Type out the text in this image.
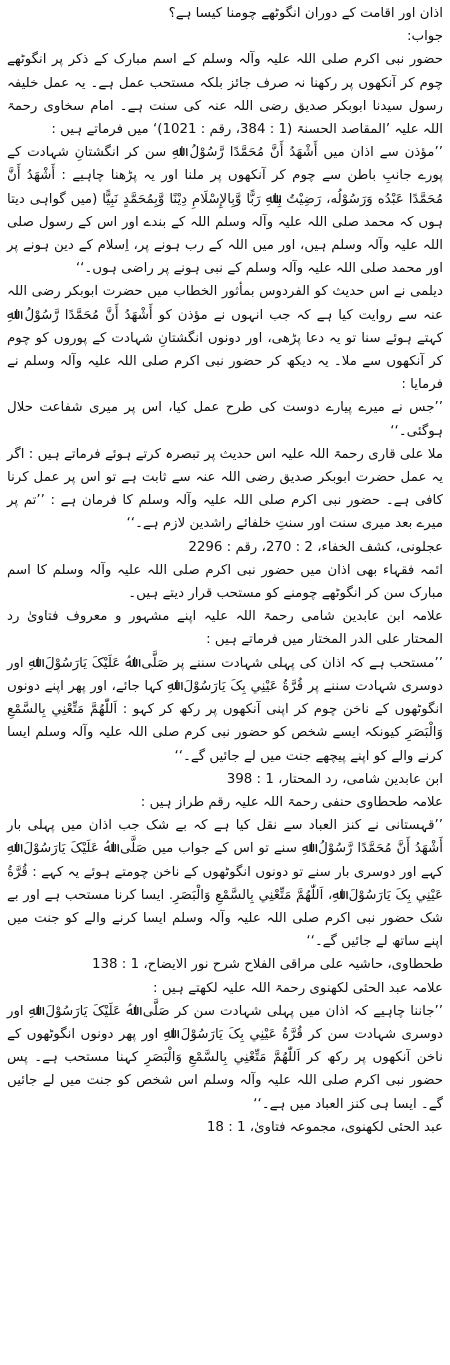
اذان اور اقامت کے دوران انگوٹھے چومنا کیسا ہے؟

جواب:

حضور نبی اکرم صلی اللہ علیہ وآلہ وسلم کے اسم مبارک کے ذکر پر انگوٹھے چوم کر آنکھوں پر رکھنا نہ صرف جائز بلکہ مستحب عمل ہے۔ یہ عمل خلیفہ رسول سیدنا ابوبکر صدیق رضی اللہ عنہ کی سنت ہے۔ امام سخاوی رحمۃ اللہ علیہ ’المقاصد الحسنۃ (1 : 384، رقم : 1021)‘ میں فرماتے ہیں :

’’مؤذن سے اذان میں أَشْهَدُ أَنَّ مُحَمَّدًا رَّسُوْلُ اﷲِ سن کر انگشتانِ شہادت کے پورے جانبِ باطن سے چوم کر آنکھوں پر ملنا اور یہ پڑھنا چاہیے : أَشْهَدُ أَنَّ مُحَمَّدًا عَبْدُه وَرَسُوْلُه، رَضِيْتُ بِاﷲِ رَبًّا وَّبِالإِسْلَامِ دِيْنًا وَّبِمُحَمَّدٍ نَبِيًّا (میں گواہی دیتا ہوں کہ محمد صلی اللہ علیہ وآلہ وسلم اللہ کے بندے اور اس کے رسول صلی اللہ علیہ وآلہ وسلم ہیں، اور میں اللہ کے رب ہونے پر، اِسلام کے دین ہونے پر اور محمد صلی اللہ علیہ وآلہ وسلم کے نبی ہونے پر راضی ہوں۔‘‘

دیلمی نے اس حدیث کو الفردوس بمأثور الخطاب میں حضرت ابوبکر رضی اللہ عنہ سے روایت کیا ہے کہ جب انہوں نے مؤذن کو أَشْهَدُ أَنَّ مُحَمَّدًا رَّسُوْلُ اﷲِ کہتے ہوئے سنا تو یہ دعا پڑھی، اور دونوں انگشتانِ شہادت کے پوروں کو چوم کر آنکھوں سے ملا۔ یہ دیکھ کر حضور نبی اکرم صلی اللہ علیہ وآلہ وسلم نے فرمایا :

’’جس نے میرے پیارے دوست کی طرح عمل کیا، اس پر میری شفاعت حلال ہوگئی۔‘‘

ملا علی قاری رحمۃ اللہ علیہ اس حدیث پر تبصرہ کرتے ہوئے فرماتے ہیں : اگر یہ عمل حضرت ابوبکر صدیق رضی اللہ عنہ سے ثابت ہے تو اس پر عمل کرنا کافی ہے۔ حضور نبی اکرم صلی اللہ علیہ وآلہ وسلم کا فرمان ہے : ’’تم پر میرے بعد میری سنت اور سنتِ خلفائے راشدین لازم ہے۔‘‘

عجلونی، کشف الخفاء، 2 : 270، رقم : 2296

ائمہ فقہاء بھی اذان میں حضور نبی اکرم صلی اللہ علیہ وآلہ وسلم کا اسم مبارک سن کر انگوٹھے چومنے کو مستحب قرار دیتے ہیں۔

علامہ ابن عابدین شامی رحمۃ اللہ علیہ اپنے مشہور و معروف فتاویٰ رد المحتار علی الدر المختار میں فرماتے ہیں :

’’مستحب ہے کہ اذان کی پہلی شہادت سننے پر صَلَّی اﷲُ عَلَيْکَ يَارَسُوْلَ اﷲِ اور دوسری شہادت سننے پر قُرَّةُ عَيْنِي بِکَ يَارَسُوْلَ اﷲِ کہا جائے، اور پھر اپنے دونوں انگوٹھوں کے ناخن چوم کر اپنی آنکھوں پر رکھ کر کہو : اَللّٰهُمَّ مَتِّعْنِي بِالسَّمْعِ وَالْبَصَرِ کیونکہ ایسے شخص کو حضور نبی کرم صلی اللہ علیہ وآلہ وسلم ایسا کرنے والے کو اپنے پیچھے جنت میں لے جائیں گے۔‘‘

ابن عابدین شامی، رد المحتار، 1 : 398

علامہ طحطاوی حنفی رحمۃ اللہ علیہ رقم طراز ہیں :

’’قہستانی نے کنز العباد سے نقل کیا ہے کہ بے شک جب اذان میں پہلی بار أَشْهَدُ أَنَّ مُحَمَّدًا رَّسُوْلُ اﷲِ سنے تو اس کے جواب میں صَلَّی اﷲُ عَلَيْکَ يَارَسُوْلَ اﷲِ کہے اور دوسری بار سنے تو دونوں انگوٹھوں کے ناخن چومتے ہوئے یہ کہے : قُرَّةُ عَيْنِي بِکَ يَارَسُوْلَ اﷲِ، اَللّٰهُمَّ مَتِّعْنِي بِالسَّمْعِ وَالْبَصَرِ. ایسا کرنا مستحب ہے اور بے شک حضور نبی اکرم صلی اللہ علیہ وآلہ وسلم ایسا کرنے والے کو جنت میں اپنے ساتھ لے جائیں گے۔‘‘

طحطاوی، حاشیہ علی مراقی الفلاح شرح نور الایضاح، 1 : 138

علامہ عبد الحئی لکھنوی رحمۃ اللہ علیہ لکھتے ہیں :

’’جاننا چاہیے کہ اذان میں پہلی شہادت سن کر صَلَّی اﷲُ عَلَيْکَ يَارَسُوْلَ اﷲِ اور دوسری شہادت سن کر قُرَّةُ عَيْنِي بِکَ يَارَسُوْلَ اﷲِ اور پھر دونوں انگوٹھوں کے ناخن آنکھوں پر رکھ کر اَللّٰهُمَّ مَتِّعْنِي بِالسَّمْعِ وَالْبَصَرِ کہنا مستحب ہے۔ پس حضور نبی اکرم صلی اللہ علیہ وآلہ وسلم اس شخص کو جنت میں لے جائیں گے۔ ایسا ہی کنز العباد میں ہے۔‘‘

عبد الحئی لکھنوی، مجموعہ فتاویٰ، 1 : 18
